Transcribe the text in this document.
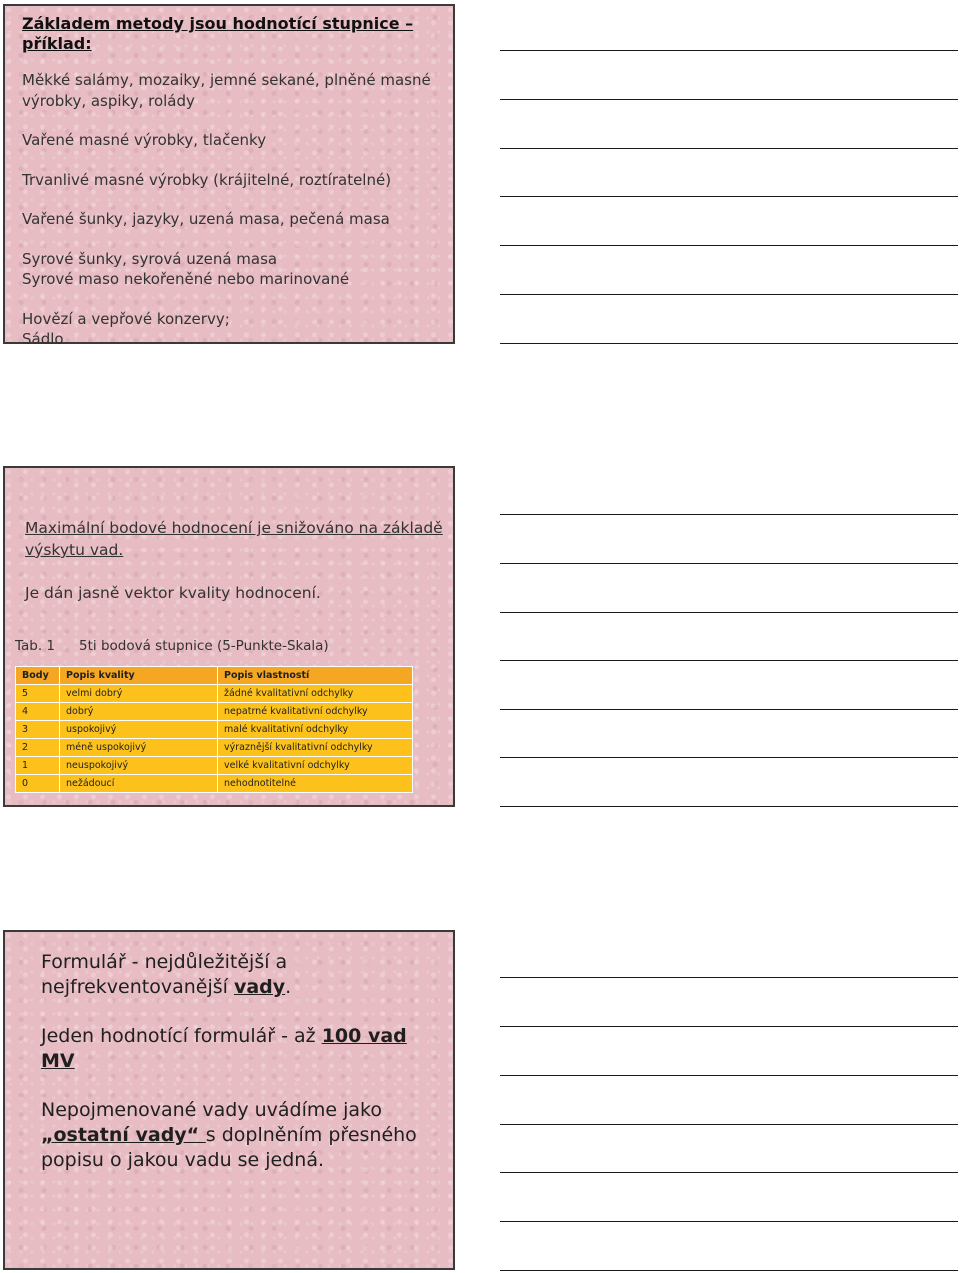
Základem metody jsou hodnotící stupnice –
příklad:
Měkké salámy, mozaiky, jemné sekané, plněné masné
výrobky, aspiky, rolády
Vařené masné výrobky, tlačenky
Trvanlivé masné výrobky (krájitelné, roztíratelné)
Vařené šunky, jazyky, uzená masa, pečená masa
Syrové šunky, syrová uzená masa
Syrové maso nekořeněné nebo marinované
Hovězí a vepřové konzervy;
Sádlo
Maximální bodové hodnocení je snižováno na základě
výskytu vad.
Je dán jasně vektor kvality hodnocení.
Tab. 1 5ti bodová stupnice (5-Punkte-Skala)
Body	Popis kvality	Popis vlastností
5	velmi dobrý	žádné kvalitativní odchylky
4	dobrý	nepatrné kvalitativní odchylky
3	uspokojivý	malé kvalitativní odchylky
2	méně uspokojivý	výraznější kvalitativní odchylky
1	neuspokojivý	velké kvalitativní odchylky
0	nežádoucí	nehodnotitelné
Formulář - nejdůležitější a
nejfrekventovanější vady.
Jeden hodnotící formulář - až 100 vad
MV
Nepojmenované vady uvádíme jako
„ostatní vady“ s doplněním přesného
popisu o jakou vadu se jedná.
